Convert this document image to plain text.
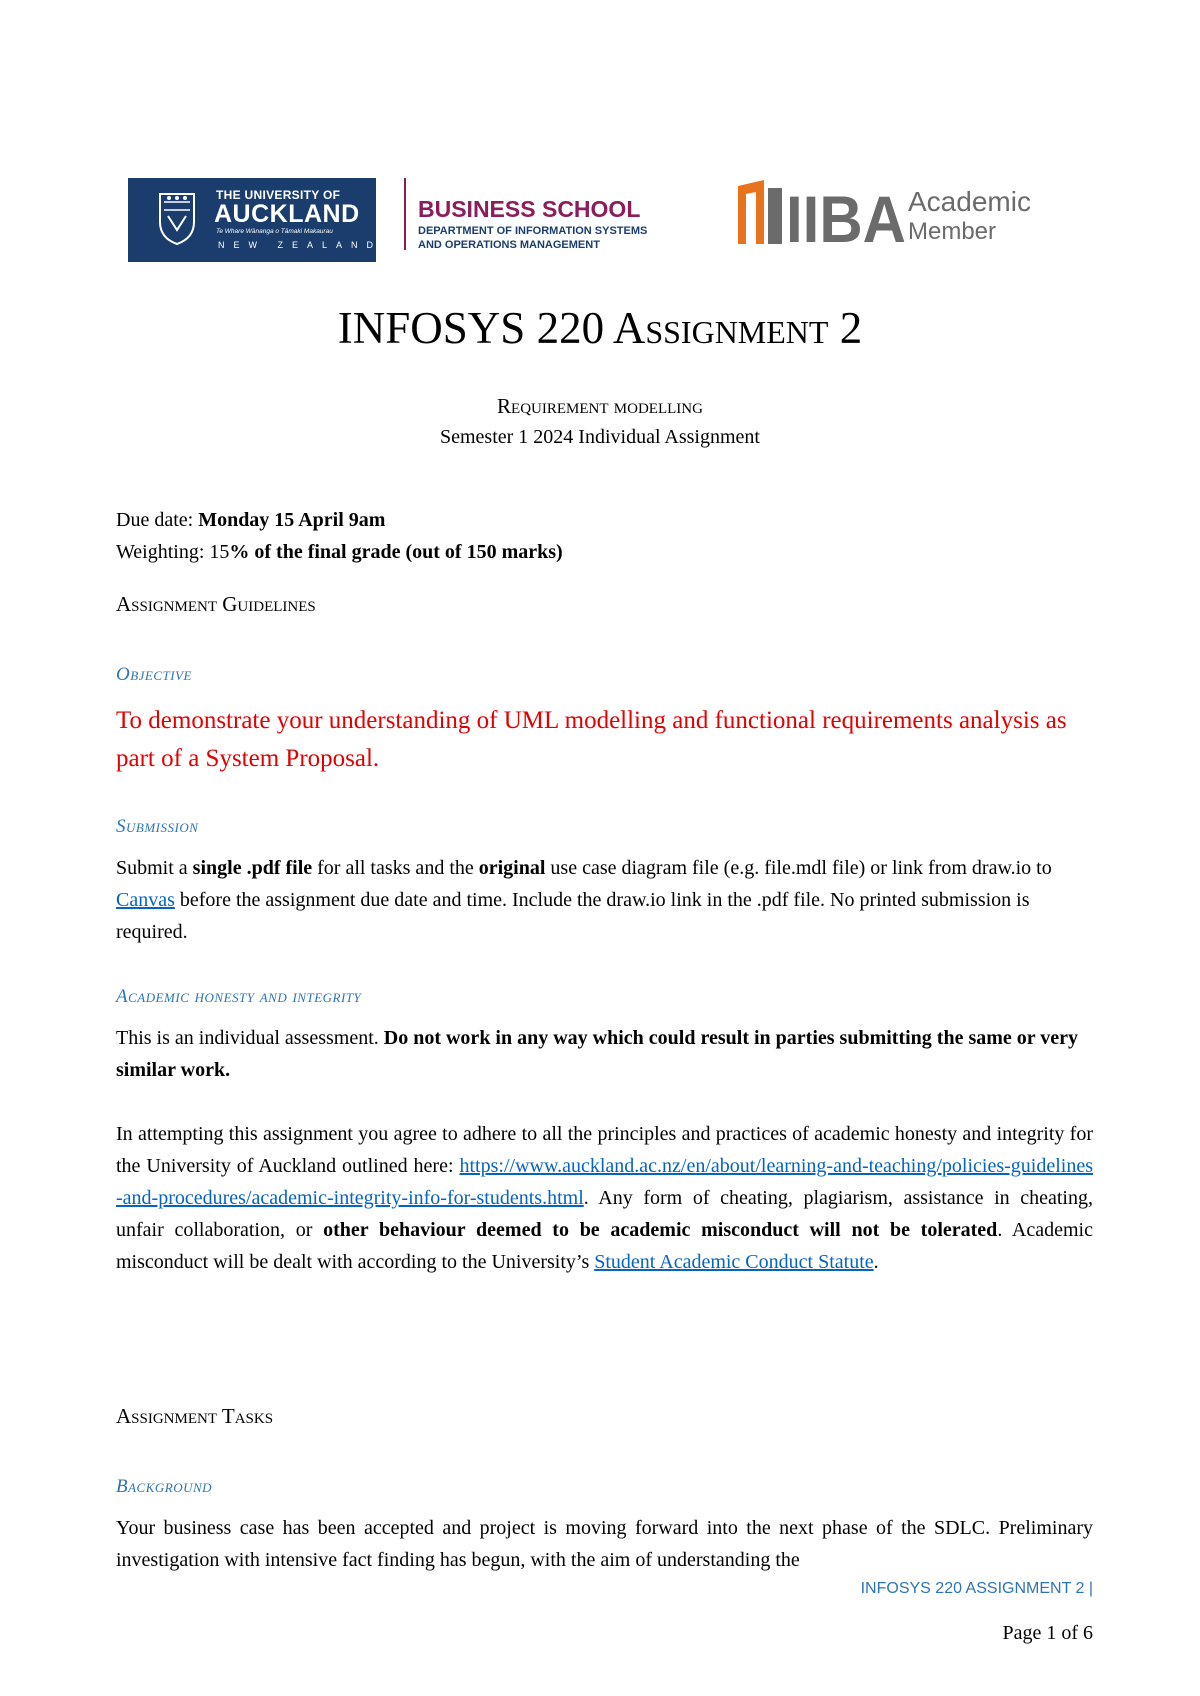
THE UNIVERSITY OF
AUCKLAND
Te Whare Wānanga o Tāmaki Makaurau
NEW ZEALAND
BUSINESS SCHOOL
DEPARTMENT OF INFORMATION SYSTEMS
AND OPERATIONS MANAGEMENT	IIBA Academic
Member
INFOSYS 220 Assignment 2
Requirement modelling
Semester 1 2024 Individual Assignment
Due date: Monday 15 April 9am
Weighting: 15% of the final grade (out of 150 marks)
Assignment Guidelines
Objective
To demonstrate your understanding of UML modelling and functional requirements analysis as part of a System Proposal.
Submission
Submit a single .pdf file for all tasks and the original use case diagram file (e.g. file.mdl file) or link from draw.io to Canvas before the assignment due date and time. Include the draw.io link in the .pdf file. No printed submission is required.
Academic honesty and integrity
This is an individual assessment. Do not work in any way which could result in parties submitting the same or very similar work.
In attempting this assignment you agree to adhere to all the principles and practices of academic honesty and integrity for the University of Auckland outlined here: https://www.auckland.ac.nz/en/about/learning-and-teaching/policies-guidelines-and-procedures/academic-integrity-info-for-students.html. Any form of cheating, plagiarism, assistance in cheating, unfair collaboration, or other behaviour deemed to be academic misconduct will not be tolerated. Academic misconduct will be dealt with according to the University’s Student Academic Conduct Statute.
Assignment Tasks
Background
Your business case has been accepted and project is moving forward into the next phase of the SDLC. Preliminary investigation with intensive fact finding has begun, with the aim of understanding the
INFOSYS 220 ASSIGNMENT 2 |
Page 1 of 6
